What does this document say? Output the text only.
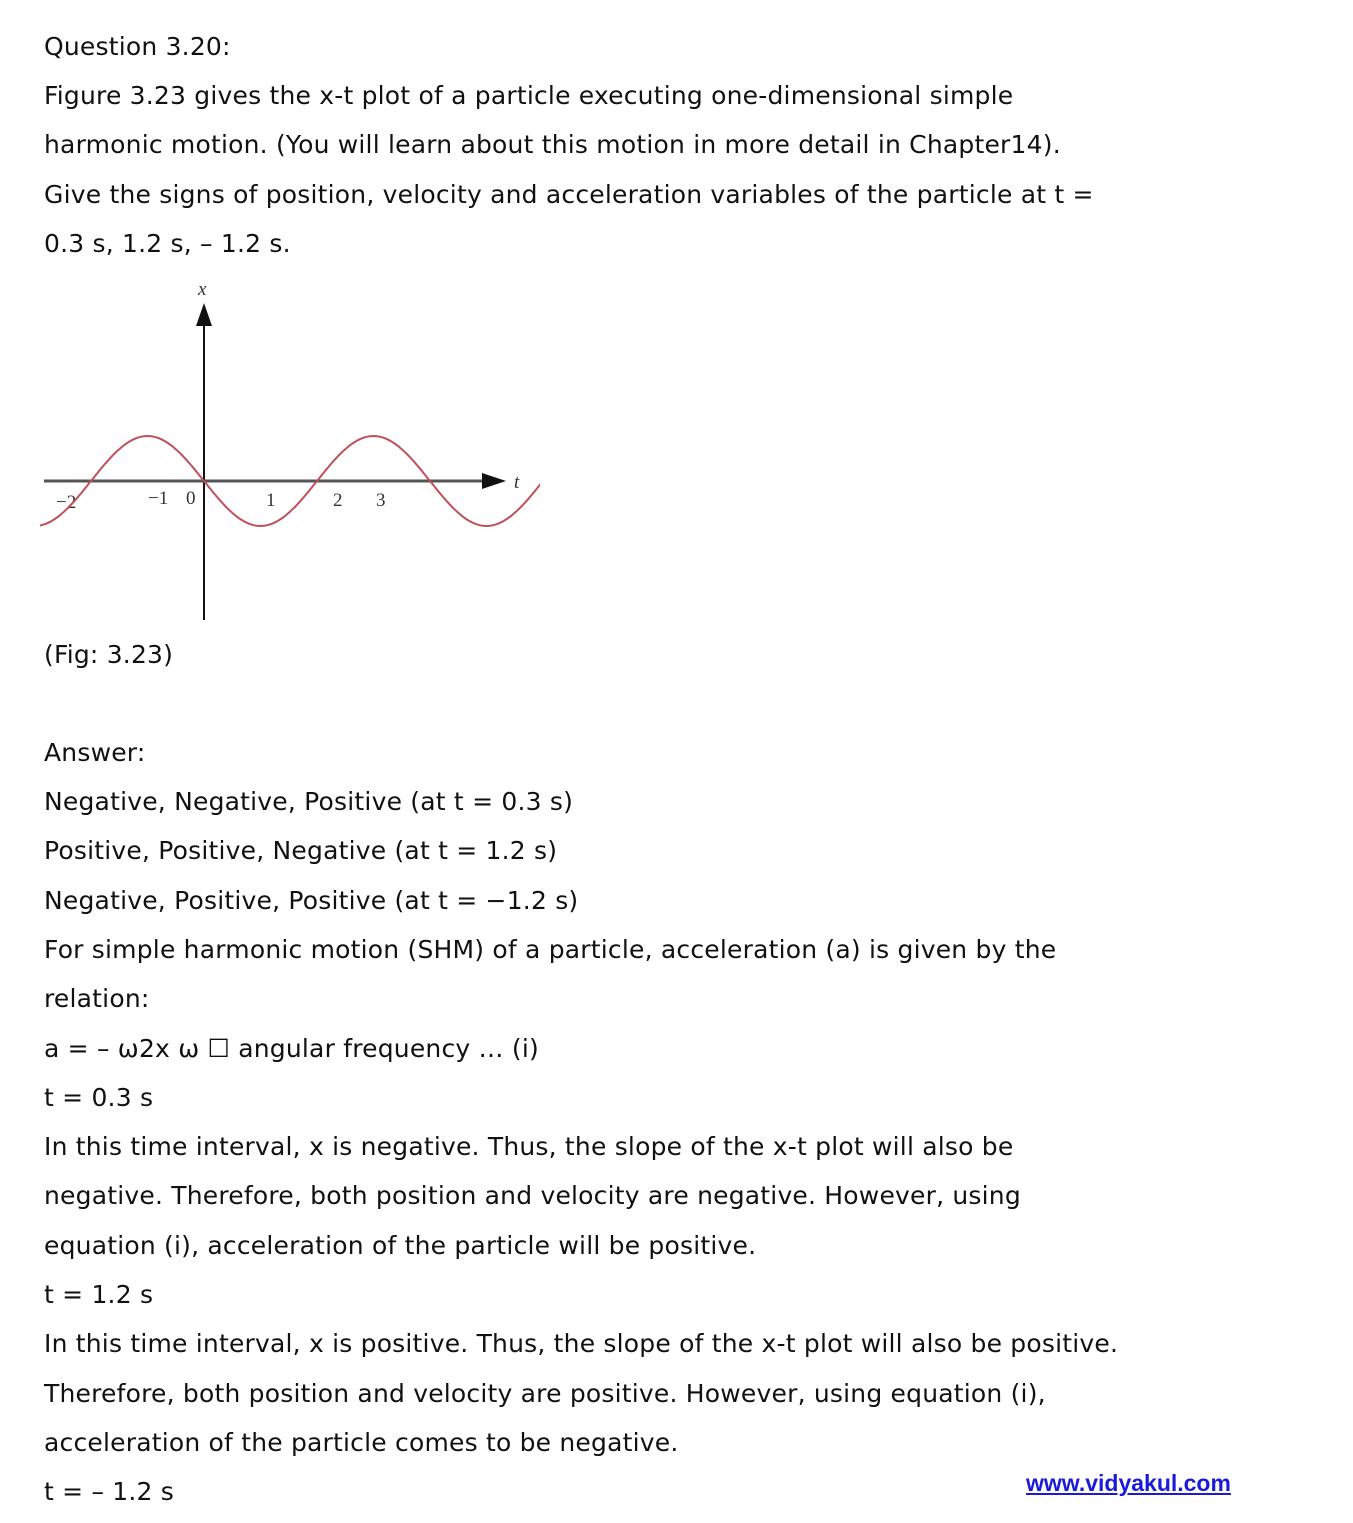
Question 3.20:
Figure 3.23 gives the x-t plot of a particle executing one-dimensional simple
harmonic motion. (You will learn about this motion in more detail in Chapter14).
Give the signs of position, velocity and acceleration variables of the particle at t =
0.3 s, 1.2 s, – 1.2 s.
x
t
−2	−1 0	1	2 3
(Fig: 3.23)
Answer:
Negative, Negative, Positive (at t = 0.3 s)
Positive, Positive, Negative (at t = 1.2 s)
Negative, Positive, Positive (at t = −1.2 s)
For simple harmonic motion (SHM) of a particle, acceleration (a) is given by the
relation:
a = – ω2x ω ☐ angular frequency … (i)
t = 0.3 s
In this time interval, x is negative. Thus, the slope of the x-t plot will also be
negative. Therefore, both position and velocity are negative. However, using
equation (i), acceleration of the particle will be positive.
t = 1.2 s
In this time interval, x is positive. Thus, the slope of the x-t plot will also be positive.
Therefore, both position and velocity are positive. However, using equation (i),
acceleration of the particle comes to be negative.
t = – 1.2 s	www.vidyakul.com
